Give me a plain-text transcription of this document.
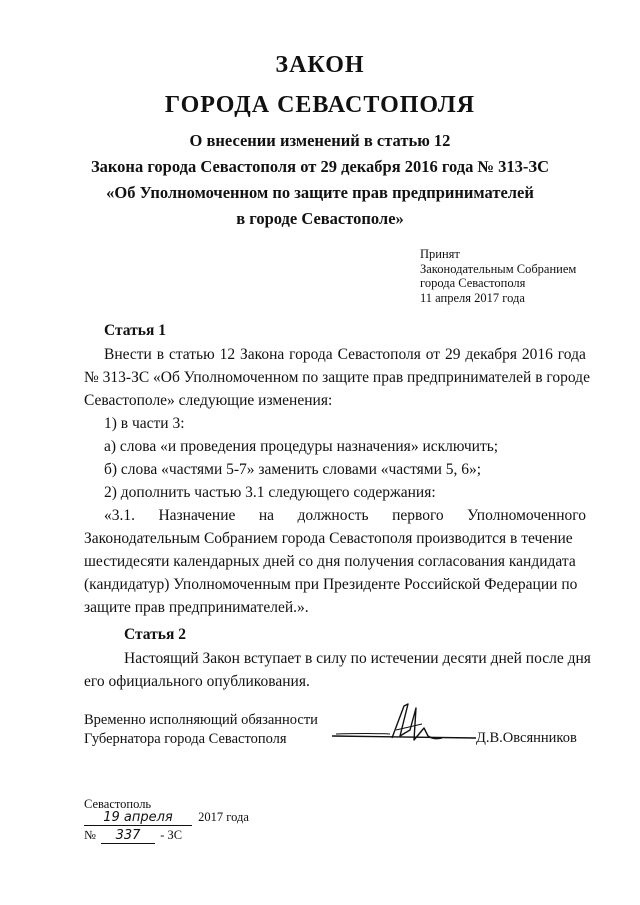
ЗАКОН
ГОРОДА СЕВАСТОПОЛЯ
О внесении изменений в статью 12
Закона города Севастополя от 29 декабря 2016 года № 313-ЗС
«Об Уполномоченном по защите прав предпринимателей
в городе Севастополе»
Принят
Законодательным Собранием
города Севастополя
11 апреля 2017 года
Статья 1
Внести в статью 12 Закона города Севастополя от 29 декабря 2016 года
№ 313-ЗС «Об Уполномоченном по защите прав предпринимателей в городе
Севастополе» следующие изменения:
1) в части 3:
а) слова «и проведения процедуры назначения» исключить;
б) слова «частями 5-7» заменить словами «частями 5, 6»;
2) дополнить частью 3.1 следующего содержания:
«3.1. Назначение на должность первого Уполномоченного
Законодательным Собранием города Севастополя производится в течение
шестидесяти календарных дней со дня получения согласования кандидата
(кандидатур) Уполномоченным при Президенте Российской Федерации по
защите прав предпринимателей.».
Статья 2
Настоящий Закон вступает в силу по истечении десяти дней после дня
его официального опубликования.
Временно исполняющий обязанности
Губернатора города Севастополя	Д.В.Овсянников
Севастополь
19 апреля 2017 года
№ 337 - ЗС
